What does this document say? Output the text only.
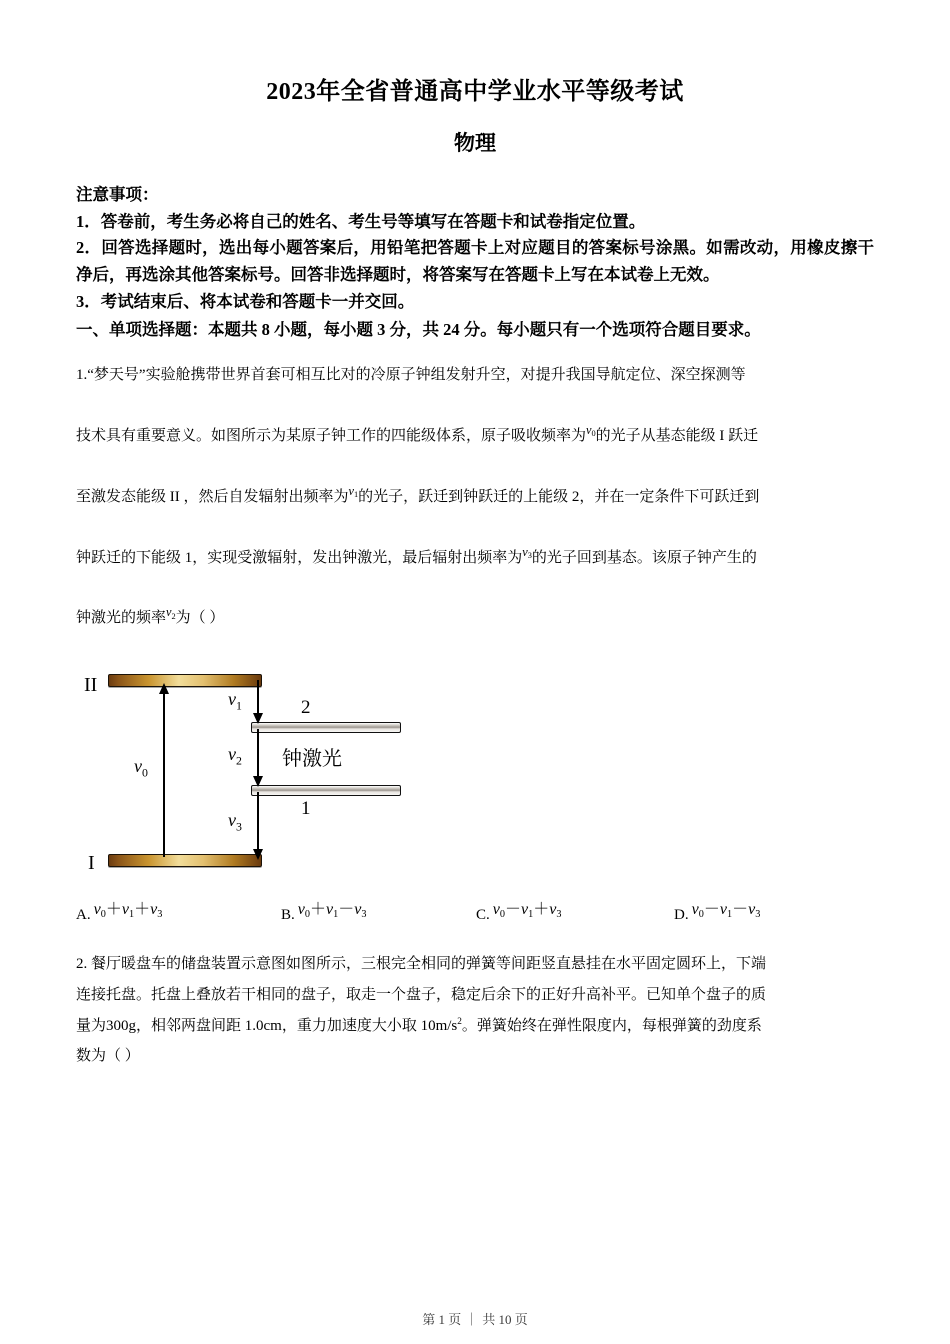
2023年全省普通高中学业水平等级考试
物理
注意事项：
1．答卷前，考生务必将自己的姓名、考生号等填写在答题卡和试卷指定位置。
2．回答选择题时，选出每小题答案后，用铅笔把答题卡上对应题目的答案标号涂黑。如需改动，用橡皮擦干净后，再选涂其他答案标号。回答非选择题时，将答案写在答题卡上写在本试卷上无效。
3．考试结束后、将本试卷和答题卡一并交回。
一、单项选择题：本题共 8 小题，每小题 3 分，共 24 分。每小题只有一个选项符合题目要求。
1.“梦天号”实验舱携带世界首套可相互比对的冷原子钟组发射升空，对提升我国导航定位、深空探测等
技术具有重要意义。如图所示为某原子钟工作的四能级体系，原子吸收频率为$^{\nu_0}$的光子从基态能级 I 跃迁
至激发态能级 II ，然后自发辐射出频率为$^{\nu_1}$的光子，跃迁到钟跃迁的上能级 2，并在一定条件下可跃迁到
钟跃迁的下能级 1，实现受激辐射，发出钟激光，最后辐射出频率为$^{\nu_3}$的光子回到基态。该原子钟产生的
钟激光的频率$^{\nu_2}$为（ ）
II
I
$\nu_0$
$\nu_1$
$\nu_2$
$\nu_3$
2
1
钟激光
A. $\nu_0+\nu_1+\nu_3$	B. $\nu_0+\nu_1-\nu_3$	C. $\nu_0-\nu_1+\nu_3$	D. $\nu_0-\nu_1-\nu_3$
2. 餐厅暖盘车的储盘装置示意图如图所示，三根完全相同的弹簧等间距竖直悬挂在水平固定圆环上，下端
连接托盘。托盘上叠放若干相同的盘子，取走一个盘子，稳定后余下的正好升高补平。已知单个盘子的质
量为300g，相邻两盘间距 1.0cm，重力加速度大小取 $10m/s^2$。弹簧始终在弹性限度内，每根弹簧的劲度系
数为（ ）
第 1 页 ｜ 共 10 页
